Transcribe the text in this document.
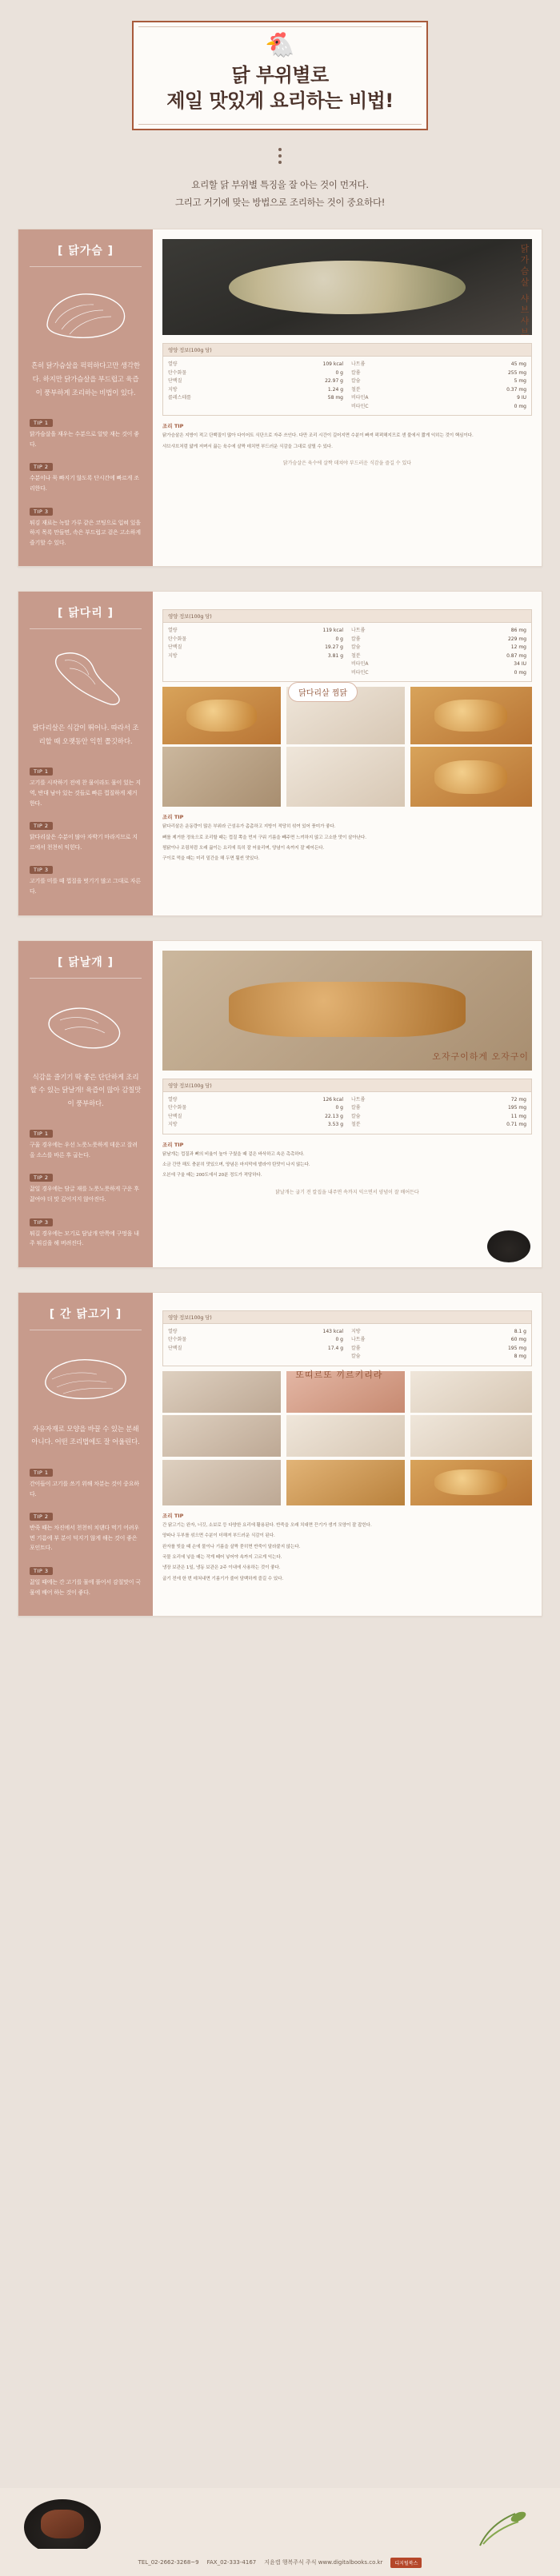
🐔
닭 부위별로
제일 맛있게 요리하는 비법!
요리할 닭 부위별 특징을 잘 아는 것이 먼저다.
그리고 거기에 맞는 방법으로 조리하는 것이 중요하다!
[ 닭가슴 ]
흔히 닭가슴살을 퍽퍽하다고만 생각한다. 하지만 닭가슴살을 부드럽고 육즙이 풍부하게 조리하는 비법이 있다.
TIP 1
닭가슴살을 재우는 수분으로 알맞 재는 것이 좋다.
TIP 2
수분이나 묵 빠지기 않도록 단시간에 빠르게 조리한다.
TIP 3
튀김 재료는 녹말 가루 같은 코팅으로 입혀 있을 하지 목록 만들면, 속은 부드럽고 겉은 고소하게 즐기할 수 있다.
닭가슴살 샤브샤브
영양 정보(100g 당)
열량	109 kcal
탄수화물	0 g
단백질	22.97 g
지방	1.24 g
콜레스테롤	58 mg
나트륨	45 mg
칼륨	255 mg
칼슘	5 mg
철분	0.37 mg
비타민A	9 IU
비타민C	0 mg
조리 TIP

닭가슴살은 지방이 적고 단백질이 많아 다이어트 식단으로 자주 쓰인다. 다만 조리 시간이 길어지면 수분이 빠져 퍽퍽해지므로 센 불에서 짧게 익히는 것이 핵심이다.

샤브샤브처럼 얇게 저며서 끓는 육수에 살짝 데치면 부드러운 식감을 그대로 살릴 수 있다.

닭가슴살은 육수에 살짝 데쳐야 부드러운 식감을 즐길 수 있다
[ 닭다리 ]
닭다리살은 식감이 뛰어나. 따라서 조리할 때 오랫동안 익힌 쫄깃하다.
TIP 1
고기를 시작하기 전에 찬 물이라도 물이 있는 지역, 반대 남아 있는 것들로 빠른 껍질하게 제거한다.
TIP 2
닭다리살은 수분이 많아 자박기 마라지므로 지르에서 천천히 익힌다.
TIP 3
고기를 미를 때 껍질을 벗기기 많고 그대로 자른다.
영양 정보(100g 당)
열량	119 kcal
탄수화물	0 g
단백질	19.27 g
지방	3.81 g
나트륨	86 mg
칼륨	229 mg
칼슘	12 mg
철분	0.87 mg
비타민A	34 IU
비타민C	0 mg
닭다리살 찜닭
조리 TIP

닭다리살은 운동량이 많은 부위라 근섬유가 촘촘하고 지방이 적당히 섞여 있어 풍미가 좋다.

뼈를 제거한 정육으로 조리할 때는 껍질 쪽을 먼저 구워 기름을 빼주면 느끼하지 않고 고소한 맛이 살아난다.

찜닭이나 조림처럼 오래 끓이는 요리에 특히 잘 어울리며, 양념이 속까지 잘 배어든다.

구이로 먹을 때는 미리 밑간을 해 두면 훨씬 맛있다.

[ 닭날개 ]
식감을 즐기기 딱 좋은 단단하게 조리할 수 있는 닭날개! 육즙이 많아 감칠맛이 풍부하다.
TIP 1
구울 경우에는 우선 노릇노릇하게 데운고 잘려올 소스를 바른 후 굽는다.
TIP 2
끓일 경우에는 담글 재를 노릇노릇하게 구운 후 끓여야 더 맛 깊어지지 않아진다.
TIP 3
튀길 경우에는 모기로 담날개 안쪽에 구멍을 내주 튀김을 해 버려진다.
오자구이하게 오자구이
영양 정보(100g 당)
열량	126 kcal
탄수화물	0 g
단백질	22.13 g
지방	3.53 g
나트륨	72 mg
칼륨	195 mg
칼슘	11 mg
철분	0.71 mg
조리 TIP

닭날개는 껍질과 뼈의 비율이 높아 구웠을 때 겉은 바삭하고 속은 촉촉하다.

소금 간만 해도 충분히 맛있으며, 양념은 마지막에 발라야 탄맛이 나지 않는다.

오븐에 구울 때는 200도에서 20분 정도가 적당하다.

닭날개는 굽기 전 칼집을 내주면 속까지 익으면서 양념이 잘 배어든다
[ 간 닭고기 ]
자유자재로 모양을 바꿀 수 있는 분쇄 아니다. 어떤 조리법에도 잘 어울린다.
TIP 1
간이들이 고기를 쓰기 위해 차분는 것이 중요하다.
TIP 2
반죽 때는 차진에서 천천히 치댄다 먹기 어려우면 기름에 부 분이 덕지기 않게 해는 것이 좋은 포인트다.
TIP 3
끓일 때에는 간 고기를 물에 풀어서 감칠맛이 국물에 배어 하는 것이 좋다.
영양 정보(100g 당)
열량	143 kcal
탄수화물	0 g
단백질	17.4 g
지방	8.1 g
나트륨	60 mg
칼륨	195 mg
칼슘	8 mg
또띠르또 끼르키리라
조리 TIP

간 닭고기는 완자, 너깃, 소보로 등 다양한 요리에 활용된다. 반죽을 오래 치대면 끈기가 생겨 모양이 잘 잡힌다.

양파나 두부를 섞으면 수분이 더해져 부드러운 식감이 된다.

완자를 빚을 때 손에 물이나 기름을 살짝 묻히면 반죽이 달라붙지 않는다.

국물 요리에 넣을 때는 작게 떼어 넣어야 속까지 고르게 익는다.

냉장 보관은 1일, 냉동 보관은 2주 이내에 사용하는 것이 좋다.

굽기 전에 한 번 데쳐내면 기름기가 줄어 담백하게 즐길 수 있다.

TEL_02-2662-3268~9 FAX_02-333-4167 지윤캡 행복주식 주식 www.digitalbooks.co.kr	디지털북스
